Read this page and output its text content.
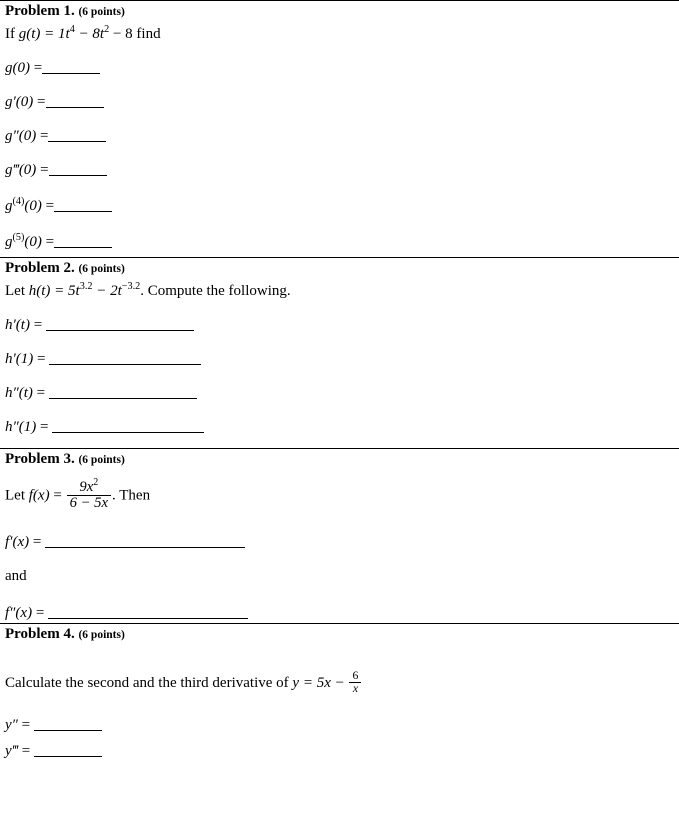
Problem 1. (6 points)
If $g(t) = 1t^4 - 8t^2 - 8$ find
g(0) =
g′(0) =
g″(0) =
g‴(0) =
$g^{(4)}(0)$ =
$g^{(5)}(0)$ =
Problem 2. (6 points)
Let $h(t) = 5t^{3.2} - 2t^{-3.2}$. Compute the following.
h′(t) =
h′(1) =
h″(t) =
h″(1) =
Problem 3. (6 points)
Let $f(x) = \frac{9x^2}{6 - 5x}$ . Then
f′(x) =
and
f″(x) =
Problem 4. (6 points)
Calculate the second and the third derivative of $y = 5x - \frac{6}{x}$
y″ =
y‴ =
